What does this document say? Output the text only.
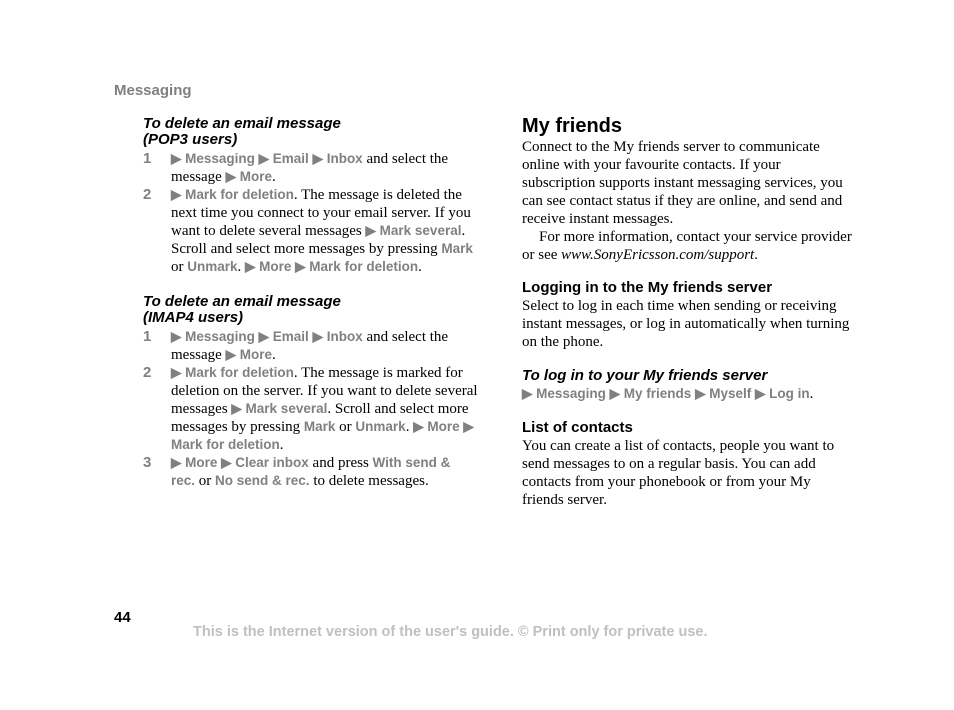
Messaging

To delete an email message

(POP3 users)

1 ▶ Messaging ▶ Email ▶ Inbox and select the message ▶ More.
2 ▶ Mark for deletion. The message is deleted the next time you connect to your email server. If you want to delete several messages ▶ Mark several. Scroll and select more messages by pressing Mark or Unmark. ▶ More ▶ Mark for deletion.

To delete an email message

(IMAP4 users)

1 ▶ Messaging ▶ Email ▶ Inbox and select the message ▶ More.
2 ▶ Mark for deletion. The message is marked for deletion on the server. If you want to delete several messages ▶ Mark several. Scroll and select more messages by pressing Mark or Unmark. ▶ More ▶ Mark for deletion.
3 ▶ More ▶ Clear inbox and press With send & rec. or No send & rec. to delete messages.
My friends

Connect to the My friends server to communicate online with your favourite contacts. If your subscription supports instant messaging services, you can see contact status if they are online, and send and receive instant messages.

For more information, contact your service provider or see www.SonyEricsson.com/support.

Logging in to the My friends server

Select to log in each time when sending or receiving instant messages, or log in automatically when turning on the phone.

To log in to your My friends server

▶ Messaging ▶ My friends ▶ Myself ▶ Log in.

List of contacts

You can create a list of contacts, people you want to send messages to on a regular basis. You can add contacts from your phonebook or from your My friends server.

44
This is the Internet version of the user's guide. © Print only for private use.
